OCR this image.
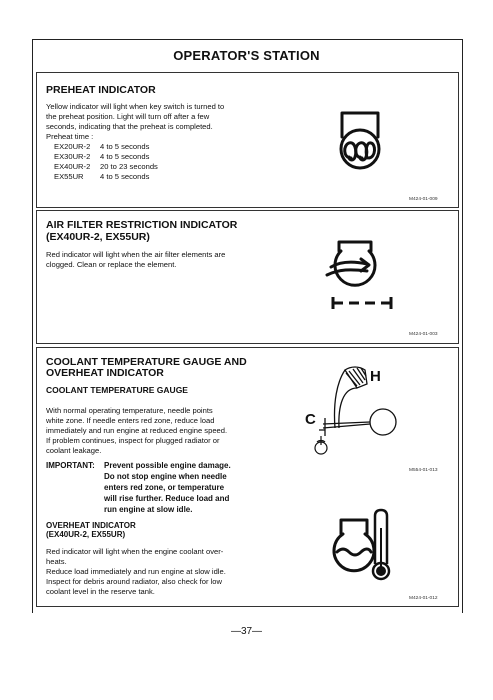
OPERATOR'S STATION
PREHEAT INDICATOR
Yellow indicator will light when key switch is turned to
the preheat position. Light will turn off after a few
seconds, indicating that the preheat is completed.
Preheat time :
EX20UR-2 4 to 5 seconds
EX30UR-2 4 to 5 seconds
EX40UR-2 20 to 23 seconds
EX55UR 4 to 5 seconds
M424-01-009
AIR FILTER RESTRICTION INDICATOR
(EX40UR-2, EX55UR)
Red indicator will light when the air filter elements are
clogged. Clean or replace the element.
M424-01-003
COOLANT TEMPERATURE GAUGE AND
OVERHEAT INDICATOR
COOLANT TEMPERATURE GAUGE
With normal operating temperature, needle points
white zone. If needle enters red zone, reduce load
immediately and run engine at reduced engine speed.
If problem continues, inspect for plugged radiator or
coolant leakage.
IMPORTANT: Prevent possible engine damage.
Do not stop engine when needle
enters red zone, or temperature
will rise further. Reduce load and
run engine at slow idle.
OVERHEAT INDICATOR
(EX40UR-2, EX55UR)
Red indicator will light when the engine coolant over-
heats.
Reduce load immediately and run engine at slow idle.
Inspect for debris around radiator, also check for low
coolant level in the reserve tank.
H
C
M554-01-013
M424-01-012
—37—
